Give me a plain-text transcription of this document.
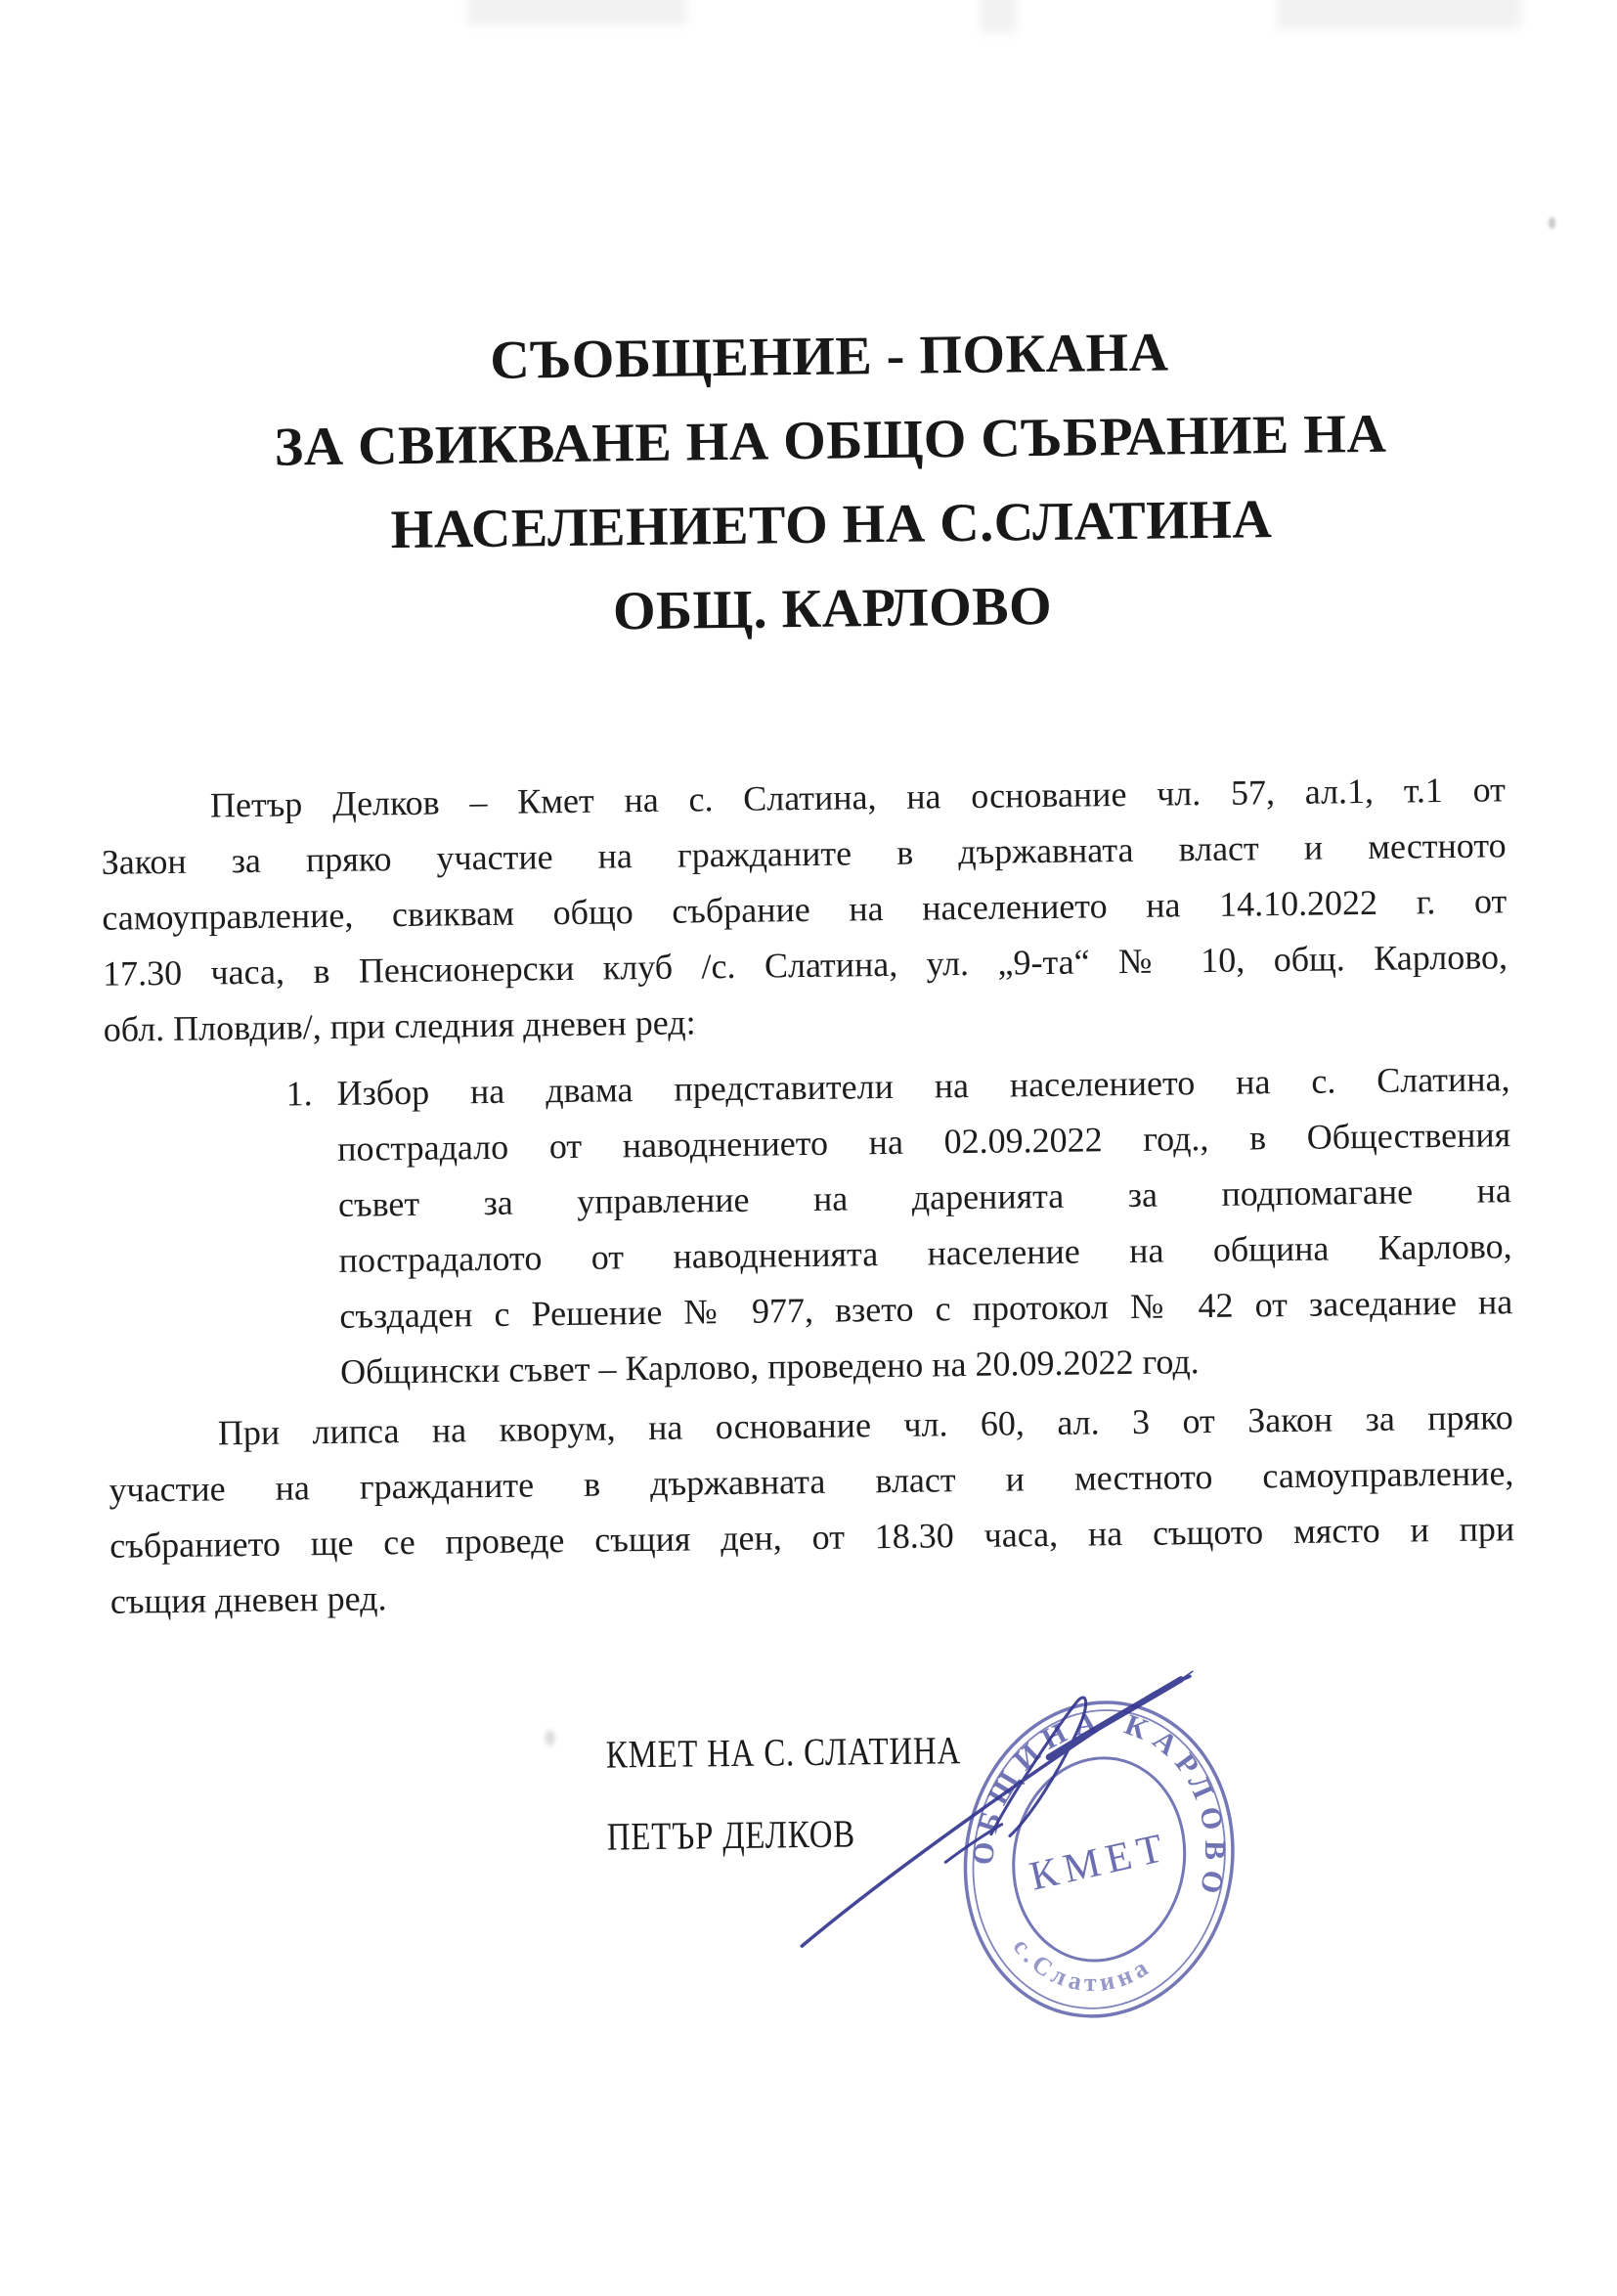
СЪОБЩЕНИЕ - ПОКАНА
ЗА СВИКВАНЕ НА ОБЩО СЪБРАНИЕ НА
НАСЕЛЕНИЕТО НА С.СЛАТИНА
ОБЩ. КАРЛОВО
Петър Делков – Кмет на с. Слатина, на основание чл. 57, ал.1, т.1 от
Закон за пряко участие на гражданите в държавната власт и местното
самоуправление, свиквам общо събрание на населението на 14.10.2022 г. от
17.30 часа, в Пенсионерски клуб /с. Слатина, ул. „9-та“ № 10, общ. Карлово,
обл. Пловдив/, при следния дневен ред:
1. Избор на двама представители на населението на с. Слатина,
пострадало от наводнението на 02.09.2022 год., в Обществения
съвет за управление на даренията за подпомагане на
пострадалото от наводненията население на община Карлово,
създаден с Решение № 977, взето с протокол № 42 от заседание на
Общински съвет – Карлово, проведено на 20.09.2022 год.
При липса на кворум, на основание чл. 60, ал. 3 от Закон за пряко
участие на гражданите в държавната власт и местното самоуправление,
събранието ще се проведе същия ден, от 18.30 часа, на същото място и при
същия дневен ред.
КМЕТ НА С. СЛАТИНА
ПЕТЪР ДЕЛКОВ	ОБЩИНА КАРЛОВО
с.Слатина
КМЕТ
